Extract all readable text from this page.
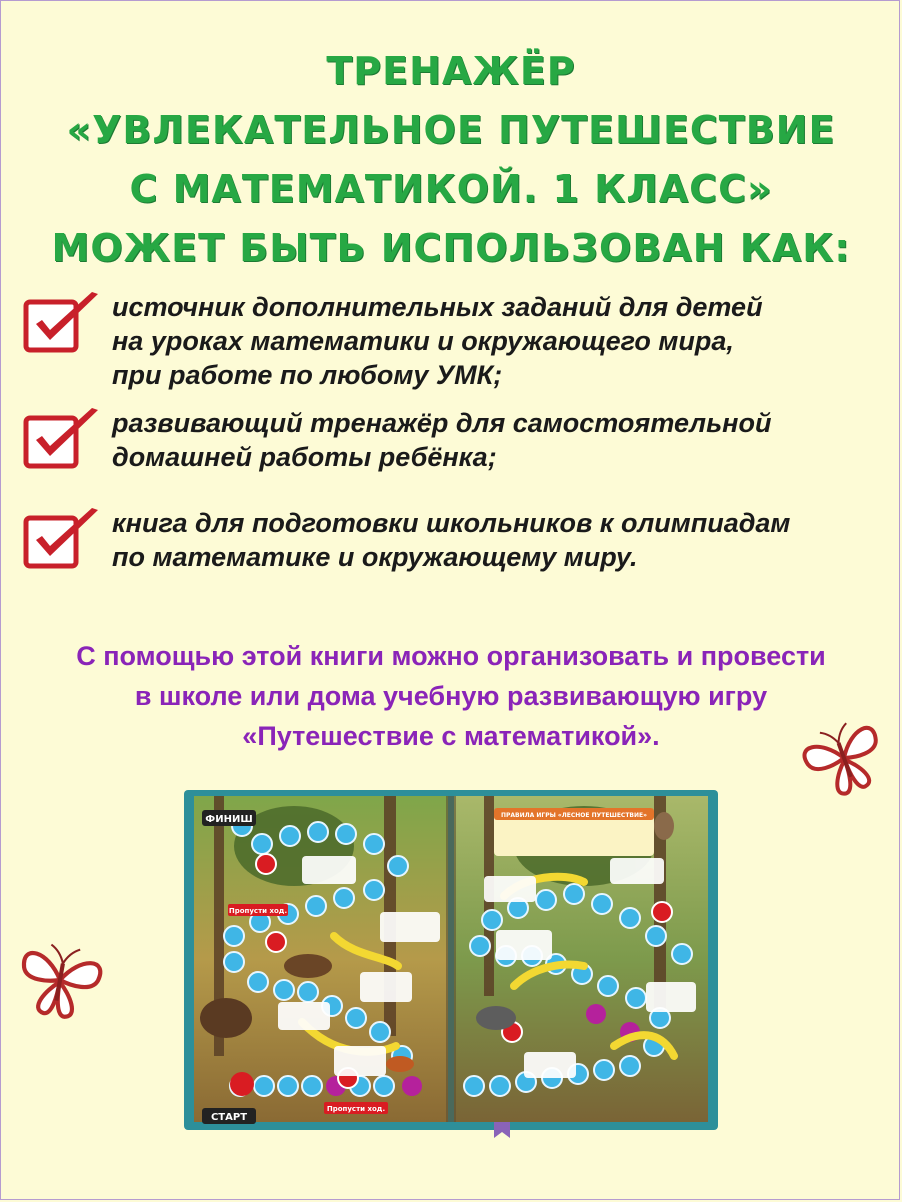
ТРЕНАЖЁР
«УВЛЕКАТЕЛЬНОЕ ПУТЕШЕСТВИЕ
С МАТЕМАТИКОЙ. 1 КЛАСС»
МОЖЕТ БЫТЬ ИСПОЛЬЗОВАН КАК:
источник дополнительных заданий для детей
на уроках математики и окружающего мира,
при работе по любому УМК;
развивающий тренажёр для самостоятельной
домашней работы ребёнка;
книга для подготовки школьников к олимпиадам
по математике и окружающему миру.
С помощью этой книги можно организовать и провести
в школе или дома учебную развивающую игру
«Путешествие с математикой».
ФИНИШ
СТАРТ
ПРАВИЛА ИГРЫ «ЛЕСНОЕ ПУТЕШЕСТВИЕ»
Пропусти ход.
Пропусти ход.
